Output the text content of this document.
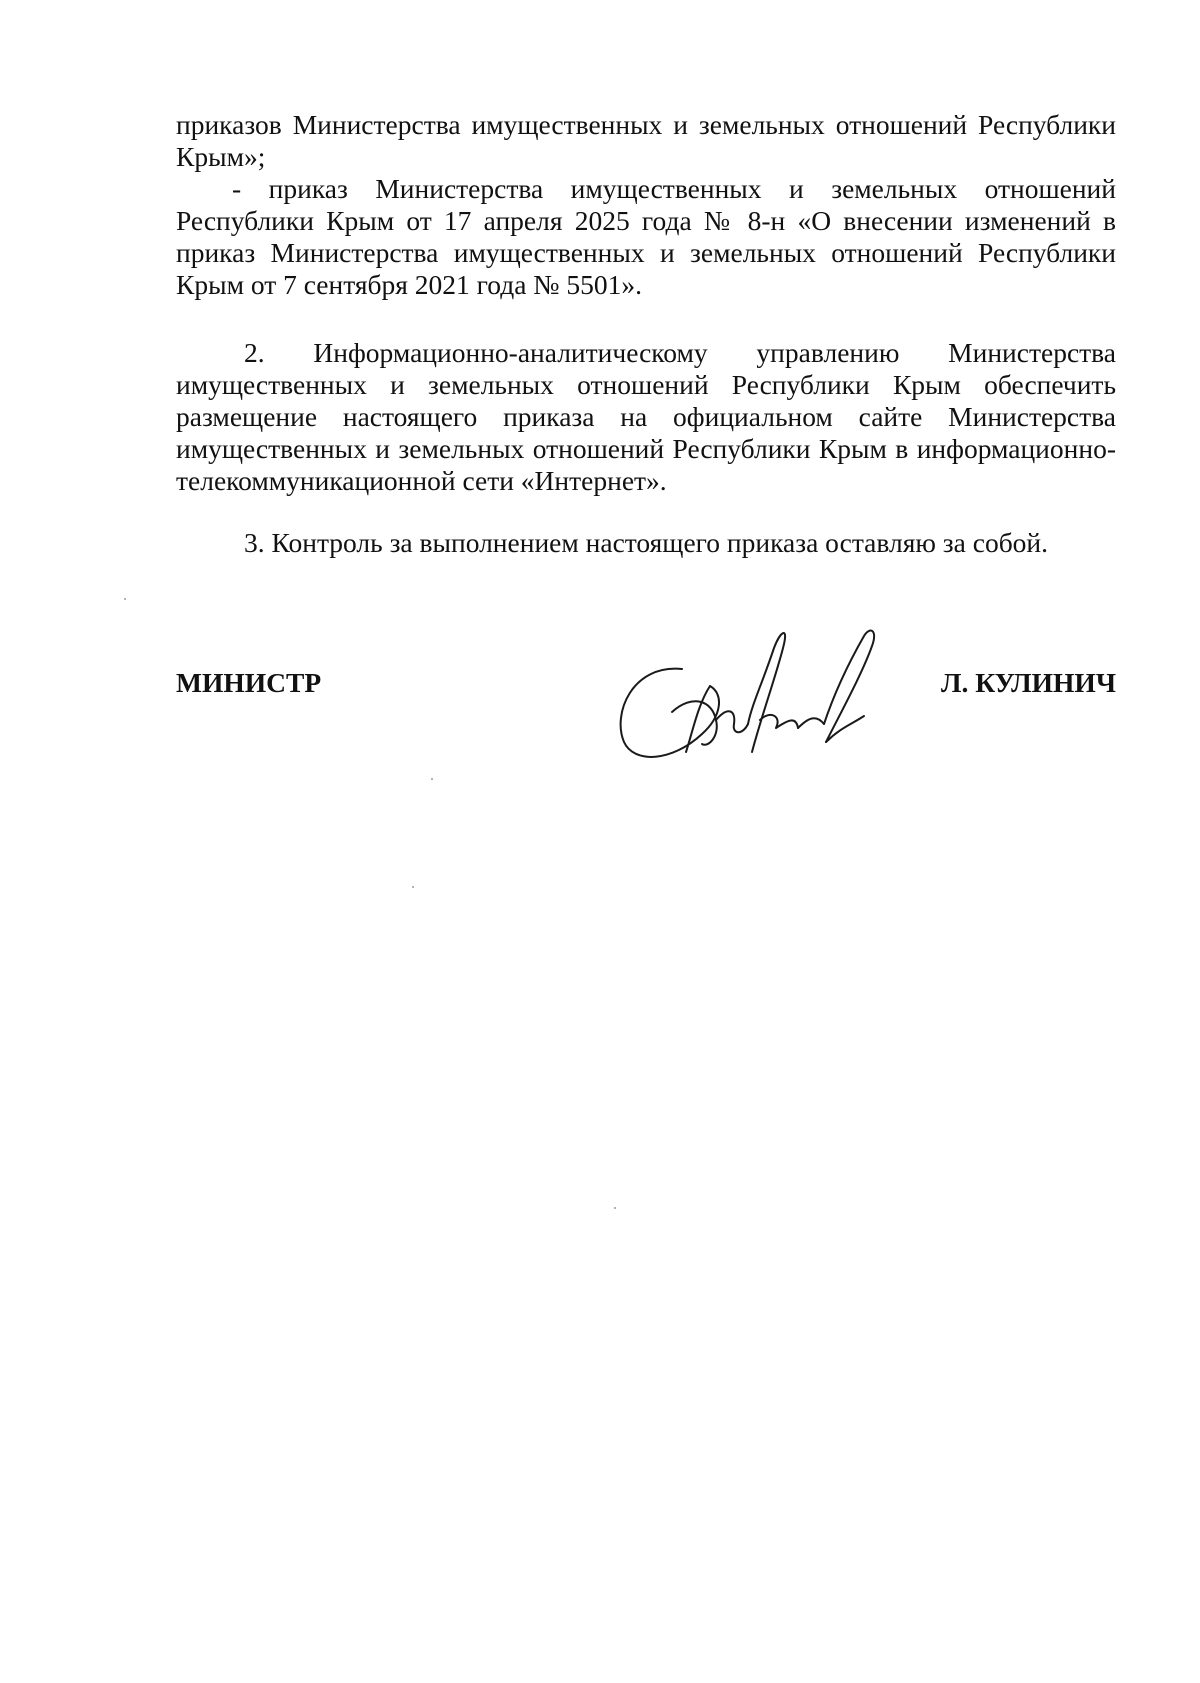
приказов Министерства имущественных и земельных отношений Республики Крым»;

- приказ Министерства имущественных и земельных отношений Республики Крым от 17 апреля 2025 года № 8-н «О внесении изменений в приказ Министерства имущественных и земельных отношений Республики Крым от 7 сентября 2021 года № 5501».

2. Информационно-аналитическому управлению Министерства имущественных и земельных отношений Республики Крым обеспечить размещение настоящего приказа на официальном сайте Министерства имущественных и земельных отношений Республики Крым в информационно-телекоммуникационной сети «Интернет».

3. Контроль за выполнением настоящего приказа оставляю за собой.

МИНИСТР	Л. КУЛИНИЧ
